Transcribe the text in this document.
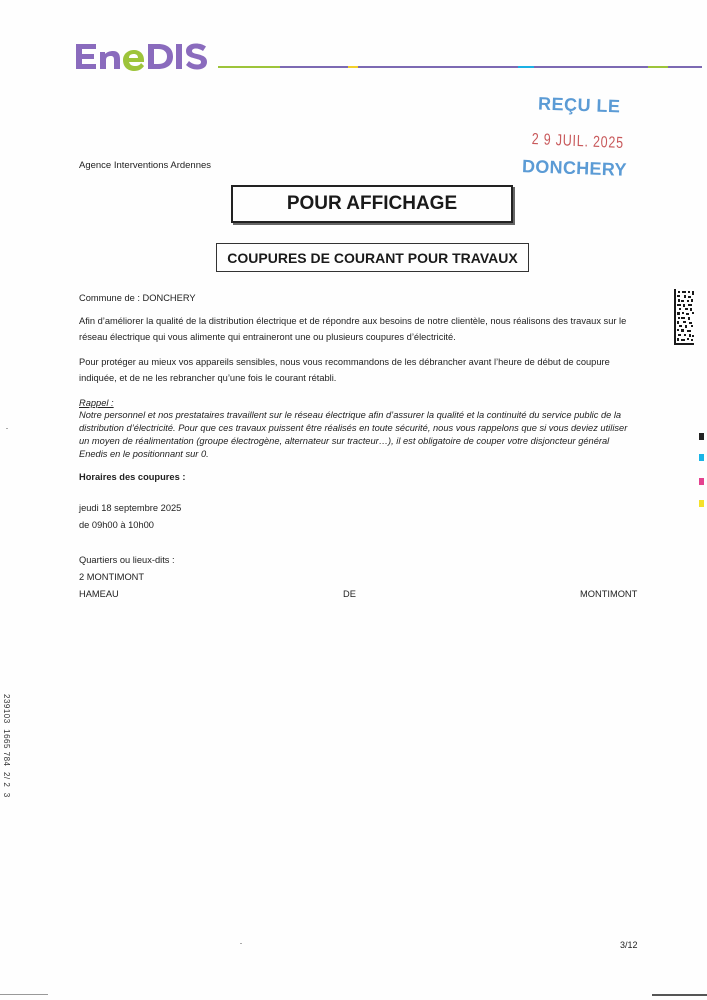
REÇU LE
2 9 JUIL. 2025
DONCHERY
Agence Interventions Ardennes
POUR AFFICHAGE
COUPURES DE COURANT POUR TRAVAUX
Commune de : DONCHERY
Afin d’améliorer la qualité de la distribution électrique et de répondre aux besoins de notre clientèle, nous réalisons des travaux sur le réseau électrique qui vous alimente qui entraineront une ou plusieurs coupures d’électricité.
Pour protéger au mieux vos appareils sensibles, nous vous recommandons de les débrancher avant l’heure de début de coupure indiquée, et de ne les rebrancher qu’une fois le courant rétabli.
Rappel :
Notre personnel et nos prestataires travaillent sur le réseau électrique afin d’assurer la qualité et la continuité du service public de la distribution d’électricité. Pour que ces travaux puissent être réalisés en toute sécurité, nous vous rappelons que si vous deviez utiliser un moyen de réalimentation (groupe électrogène, alternateur sur tracteur…), il est obligatoire de couper votre disjoncteur général Enedis en le positionnant sur 0.
Horaires des coupures :
jeudi 18 septembre 2025
de 09h00 à 10h00
Quartiers ou lieux-dits :
2 MONTIMONT
HAMEAU	DE	MONTIMONT
3/12
239103  1665 784  2/ 2  3
